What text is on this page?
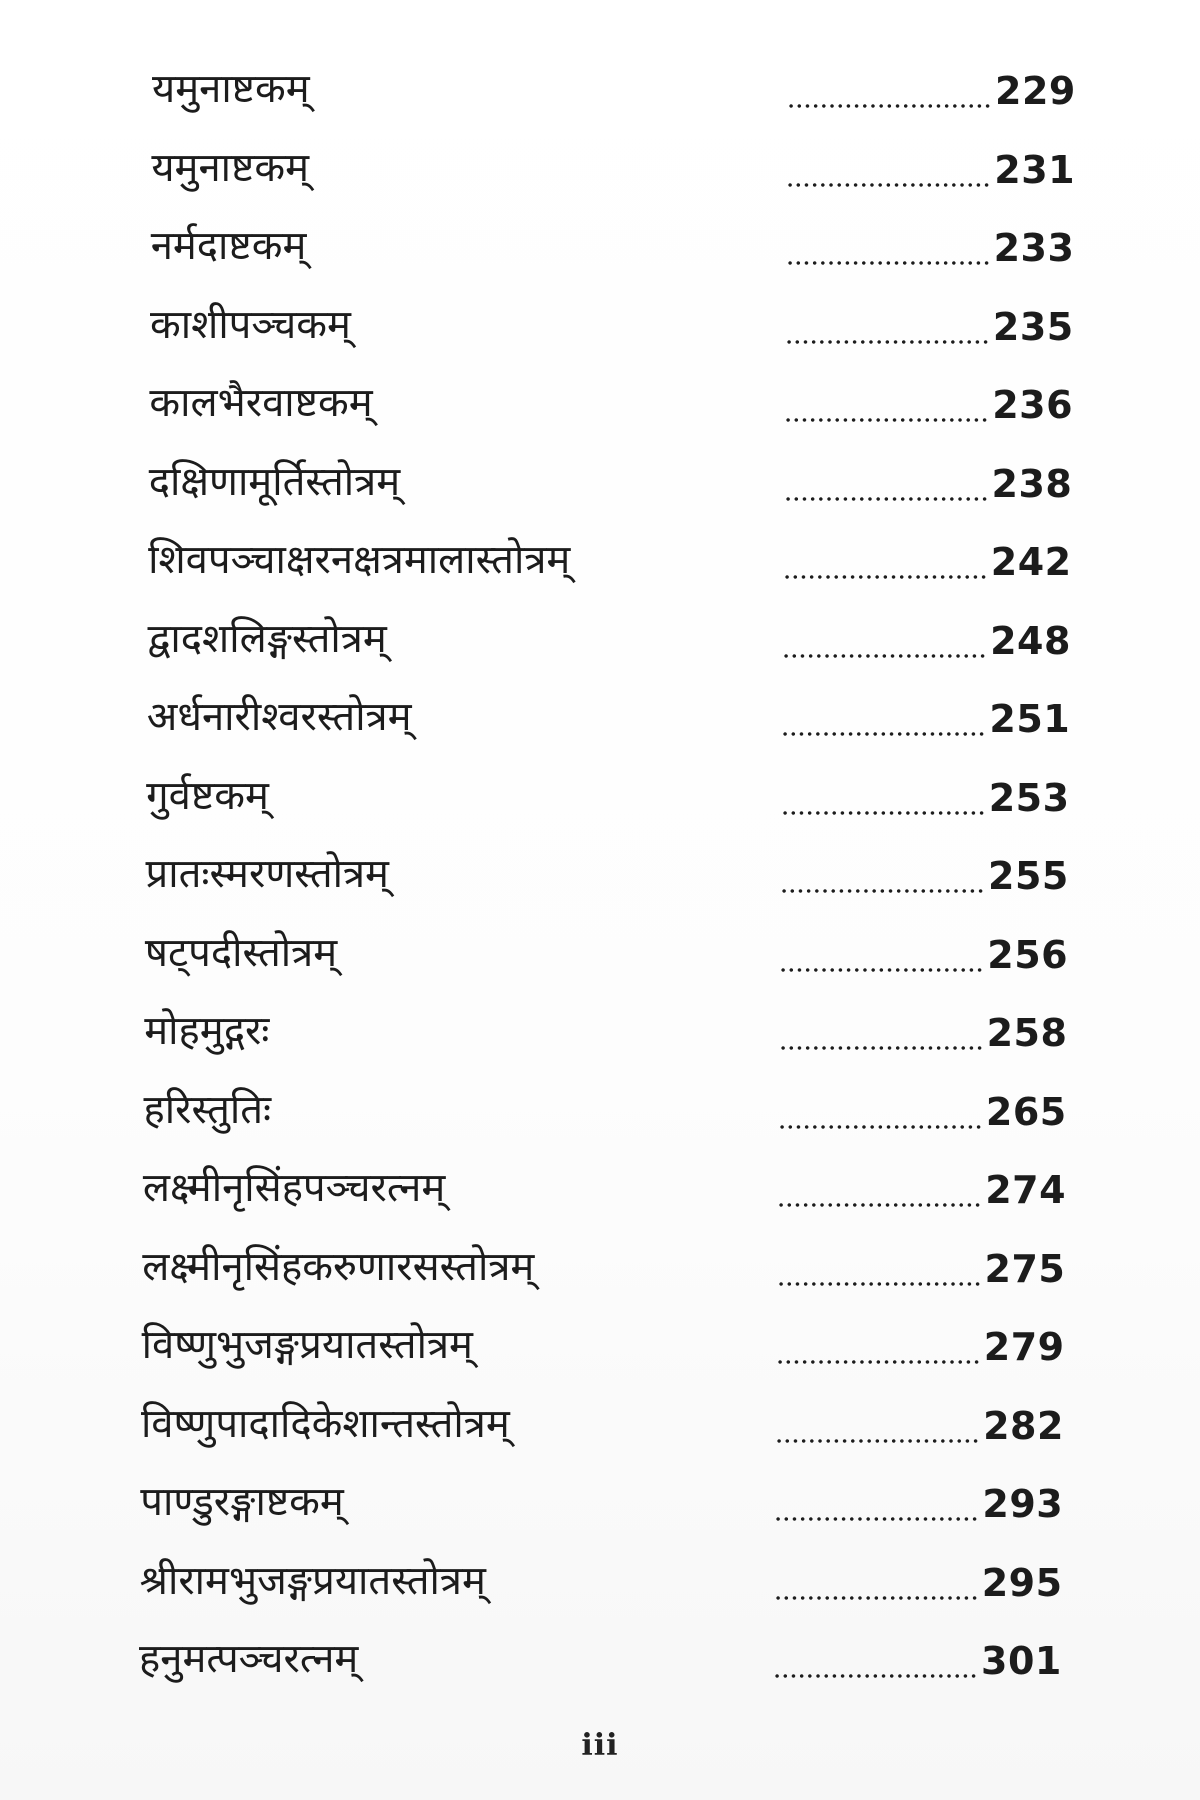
यमुनाष्टकम्	229
यमुनाष्टकम्	231
नर्मदाष्टकम्	233
काशीपञ्चकम्	235
कालभैरवाष्टकम्	236
दक्षिणामूर्तिस्तोत्रम्	238
शिवपञ्चाक्षरनक्षत्रमालास्तोत्रम्	242
द्वादशलिङ्गस्तोत्रम्	248
अर्धनारीश्वरस्तोत्रम्	251
गुर्वष्टकम्	253
प्रातःस्मरणस्तोत्रम्	255
षट्पदीस्तोत्रम्	256
मोहमुद्गरः	258
हरिस्तुतिः	265
लक्ष्मीनृसिंहपञ्चरत्नम्	274
लक्ष्मीनृसिंहकरुणारसस्तोत्रम्	275
विष्णुभुजङ्गप्रयातस्तोत्रम्	279
विष्णुपादादिकेशान्तस्तोत्रम्	282
पाण्डुरङ्गाष्टकम्	293
श्रीरामभुजङ्गप्रयातस्तोत्रम्	295
हनुमत्पञ्चरत्नम्	301
iii
